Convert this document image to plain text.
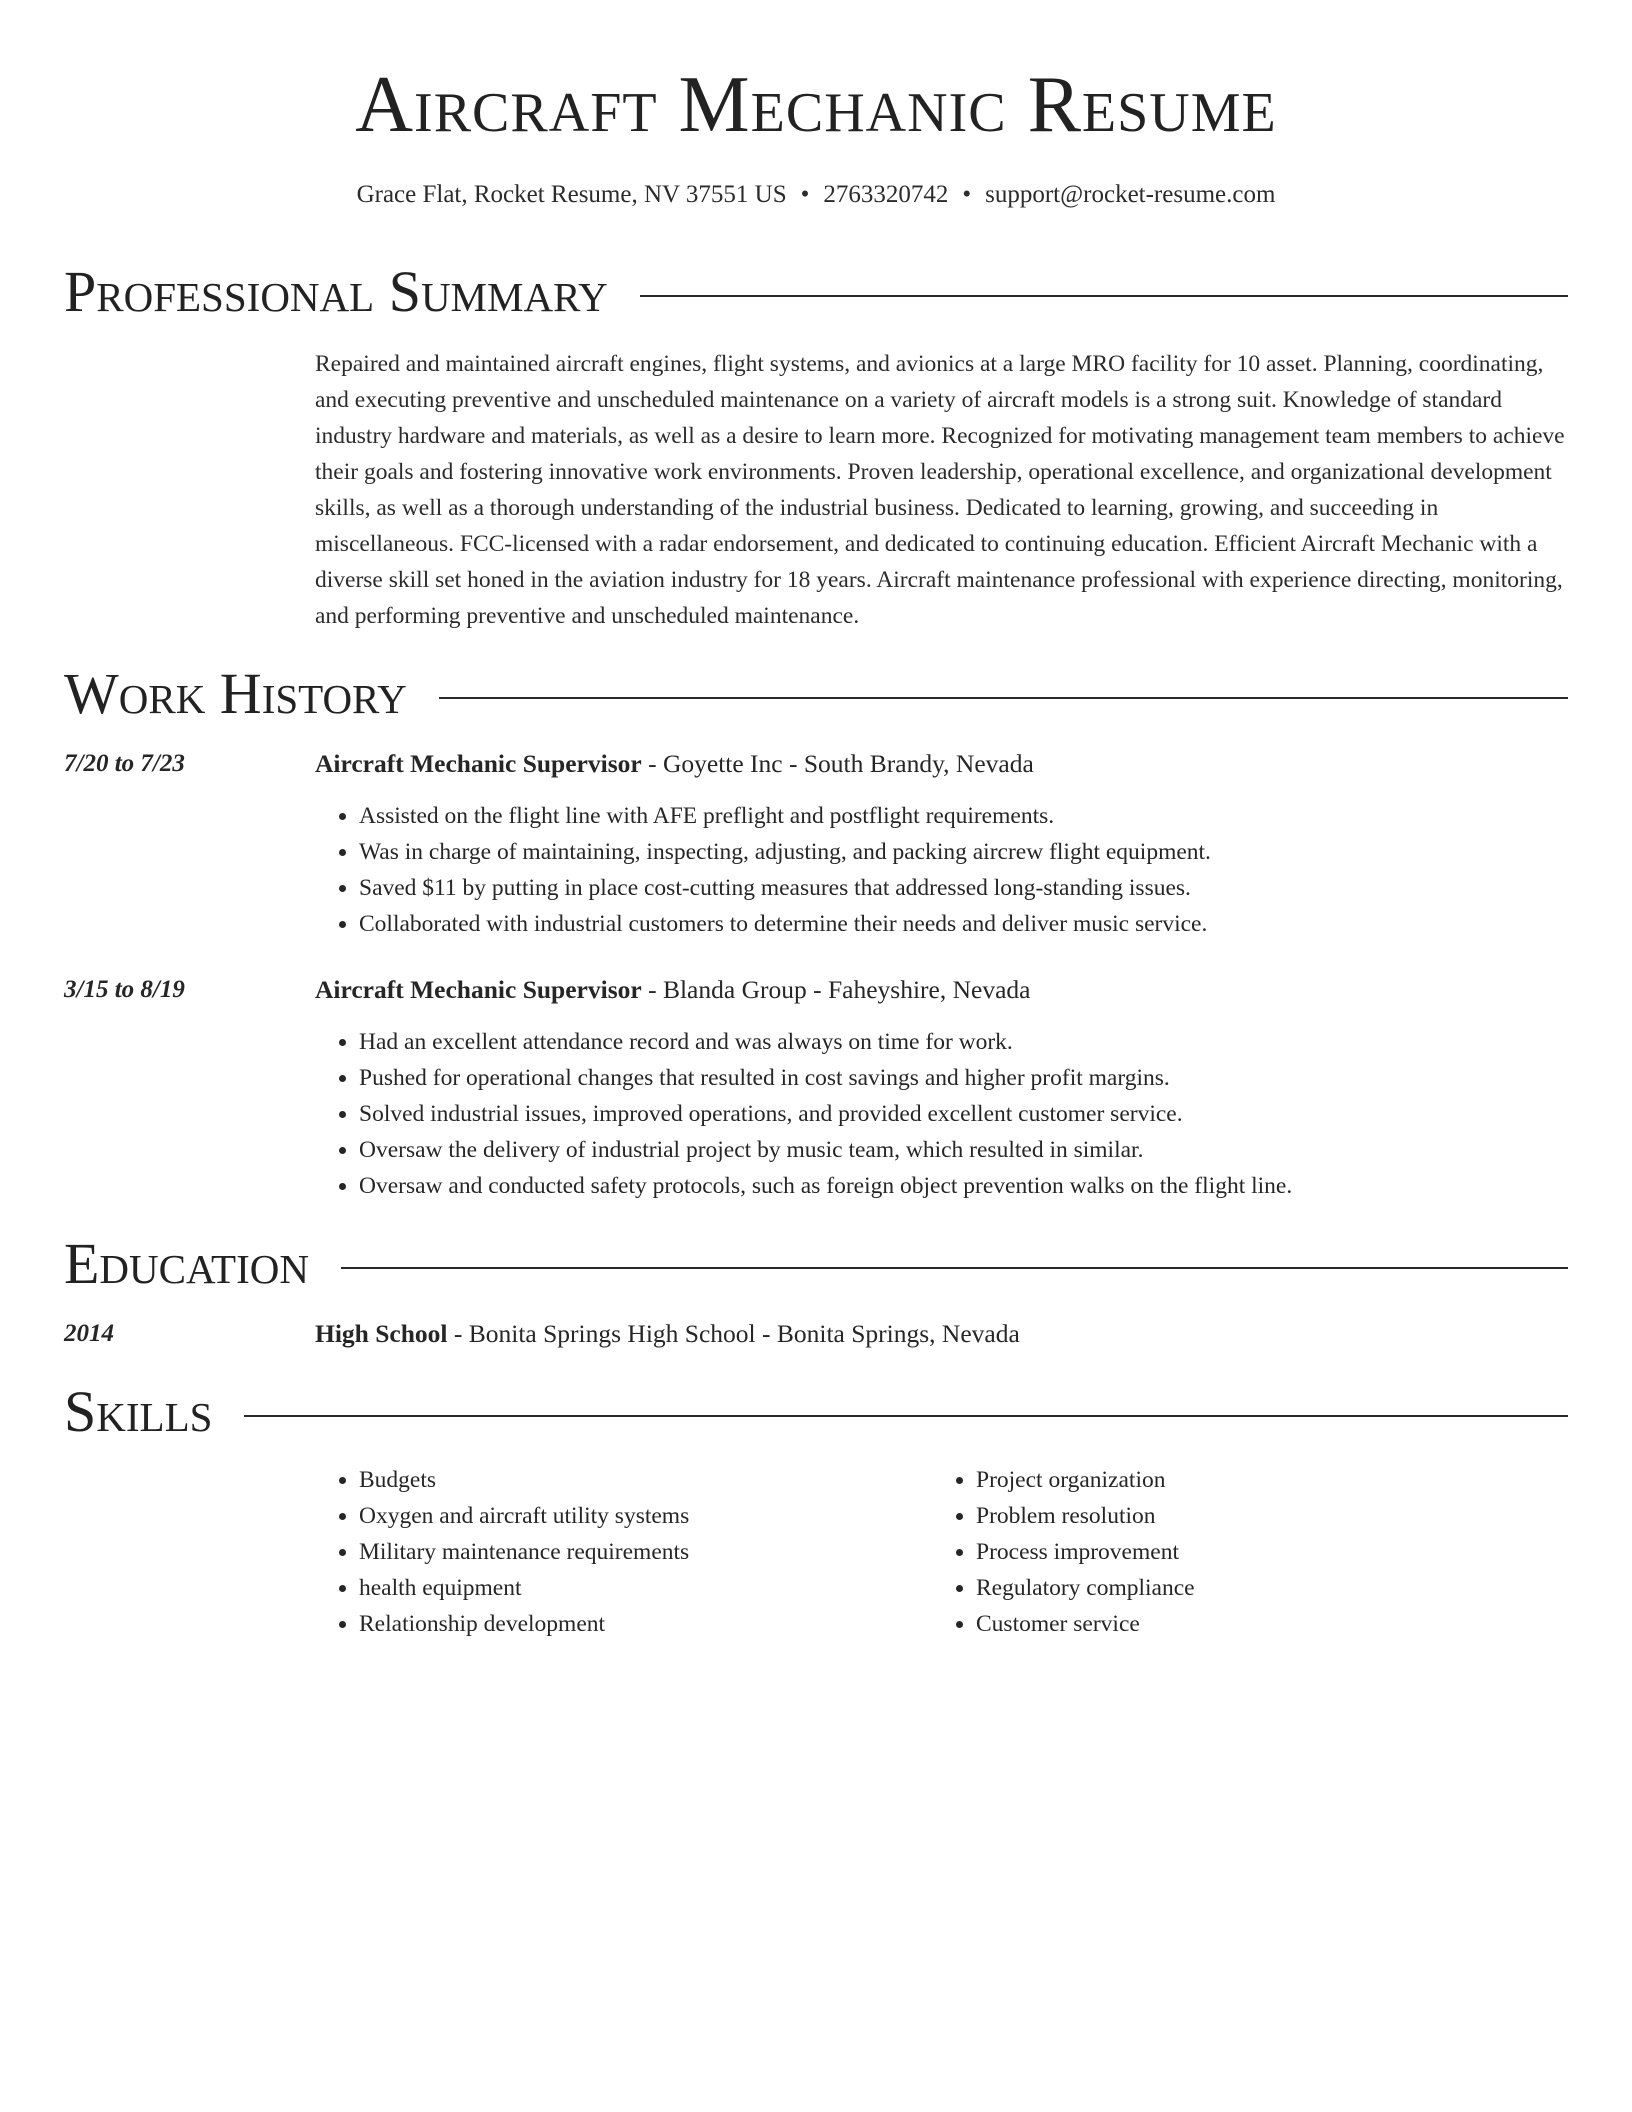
Aircraft Mechanic Resume
Grace Flat, Rocket Resume, NV 37551 US • 2763320742 • support@rocket-resume.com
Professional Summary
Repaired and maintained aircraft engines, flight systems, and avionics at a large MRO facility for 10 asset. Planning, coordinating, and executing preventive and unscheduled maintenance on a variety of aircraft models is a strong suit. Knowledge of standard industry hardware and materials, as well as a desire to learn more. Recognized for motivating management team members to achieve their goals and fostering innovative work environments. Proven leadership, operational excellence, and organizational development skills, as well as a thorough understanding of the industrial business. Dedicated to learning, growing, and succeeding in miscellaneous. FCC-licensed with a radar endorsement, and dedicated to continuing education. Efficient Aircraft Mechanic with a diverse skill set honed in the aviation industry for 18 years. Aircraft maintenance professional with experience directing, monitoring, and performing preventive and unscheduled maintenance.
Work History
7/20 to 7/23	Aircraft Mechanic Supervisor - Goyette Inc - South Brandy, Nevada
• Assisted on the flight line with AFE preflight and postflight requirements.
• Was in charge of maintaining, inspecting, adjusting, and packing aircrew flight equipment.
• Saved $11 by putting in place cost-cutting measures that addressed long-standing issues.
• Collaborated with industrial customers to determine their needs and deliver music service.
3/15 to 8/19	Aircraft Mechanic Supervisor - Blanda Group - Faheyshire, Nevada
• Had an excellent attendance record and was always on time for work.
• Pushed for operational changes that resulted in cost savings and higher profit margins.
• Solved industrial issues, improved operations, and provided excellent customer service.
• Oversaw the delivery of industrial project by music team, which resulted in similar.
• Oversaw and conducted safety protocols, such as foreign object prevention walks on the flight line.
Education
2014	High School - Bonita Springs High School - Bonita Springs, Nevada
Skills
• Budgets
• Oxygen and aircraft utility systems
• Military maintenance requirements
• health equipment
• Relationship development
• Project organization
• Problem resolution
• Process improvement
• Regulatory compliance
• Customer service
